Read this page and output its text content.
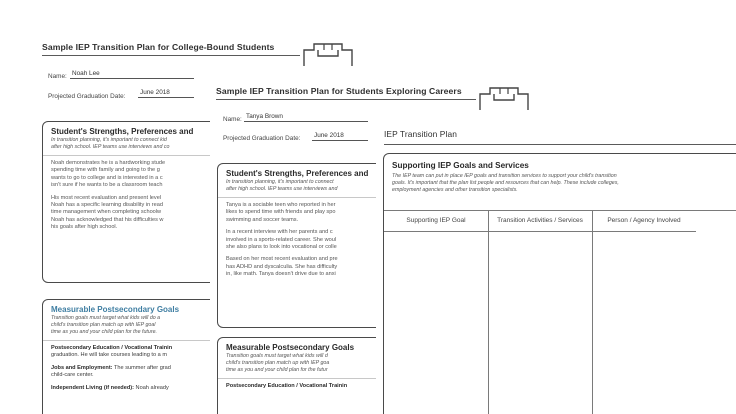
Sample IEP Transition Plan for College-Bound Students
Name: Noah Lee
Projected Graduation Date:
June 2018
Student's Strengths, Preferences and
In transition planning, it's important to connect kid
after high school. IEP teams use interviews and co

Noah demonstrates he is a hardworking stude
spending time with family and going to the g
wants to go to college and is interested in a c
isn't sure if he wants to be a classroom teach

His most recent evaluation and present level
Noah has a specific learning disability in read
time management when completing schoolw
Noah has acknowledged that his difficulties w
his goals after high school.

Measurable Postsecondary Goals
Transition goals must target what kids will do a
child's transition plan match up with IEP goal
time as you and your child plan for the future.

Postsecondary Education / Vocational Trainin
graduation. He will take courses leading to a m

Jobs and Employment: The summer after grad
child-care center.

Independent Living (if needed): Noah already

Sample IEP Transition Plan for Students Exploring Careers
Name: Tanya Brown
Projected Graduation Date:	June 2018
Student's Strengths, Preferences and
In transition planning, it's important to connect
after high school. IEP teams use interviews and

Tanya is a sociable teen who reported in her
likes to spend time with friends and play spo
swimming and soccer teams.

In a recent interview with her parents and c
involved in a sports-related career. She woul
she also plans to look into vocational or colle

Based on her most recent evaluation and pre
has ADHD and dyscalculia. She has difficulty
in, like math. Tanya doesn't drive due to anxi

Measurable Postsecondary Goals
Transition goals must target what kids will d
child's transition plan match up with IEP goa
time as you and your child plan for the futur

Postsecondary Education / Vocational Trainin

IEP Transition Plan
Supporting IEP Goals and Services
The IEP team can put in place IEP goals and transition services to support your child's transition
goals. It's important that the plan list people and resources that can help. These include colleges,
employment agencies and other transition specialists.
Supporting IEP Goal	Transition Activities / Services	Person / Agency Involved
